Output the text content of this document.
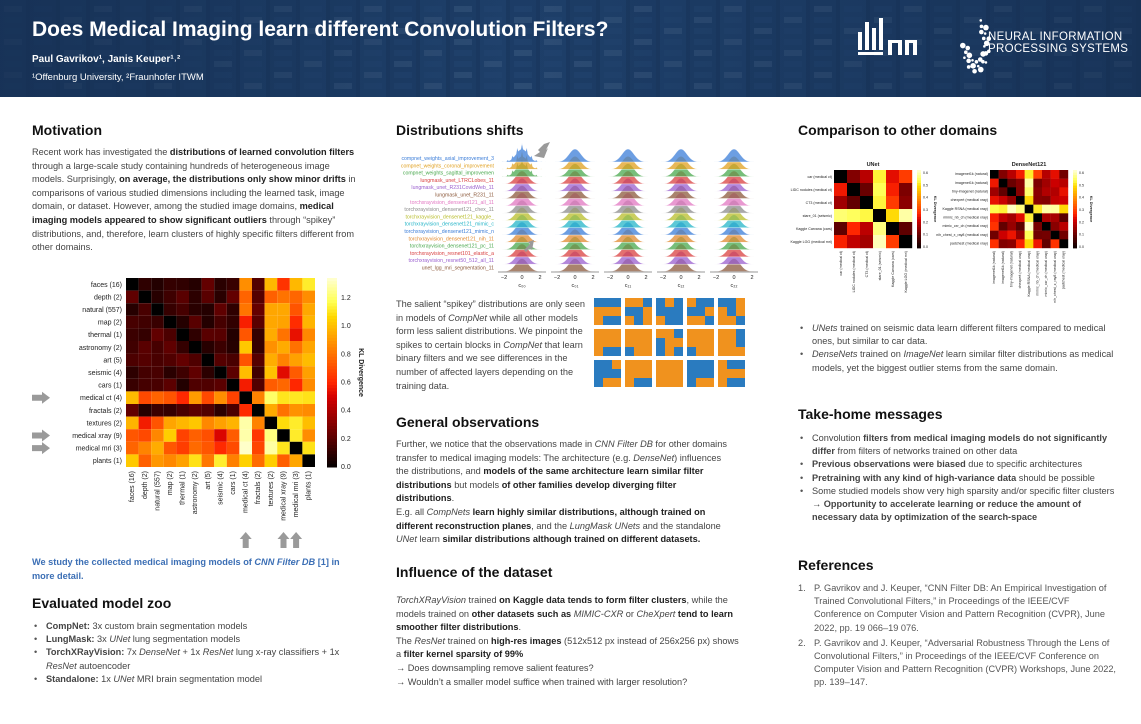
Does Medical Imaging learn different Convolution Filters?
Paul Gavrikov¹, Janis Keuper¹˒²
¹Offenburg University, ²Fraunhofer ITWM
NEURAL INFORMATION
PROCESSING SYSTEMS
Motivation
Recent work has investigated the distributions of learned convolution filters through a large-scale study containing hundreds of heterogeneous image models. Surprisingly, on average, the distributions only show minor drifts in comparisons of various studied dimensions including the learned task, image domain, or dataset. However, among the studied image domains, medical imaging models appeared to show significant outliers through “spikey” distributions, and, therefore, learn clusters of highly specific filters different from other domains.
faces (16)
faces (16)
depth (2)
depth (2)
natural (557)
natural (557)
map (2)
map (2)
thermal (1)
thermal (1)
astronomy (2)
astronomy (2)
art (5)
art (5)
seismic (4)
seismic (4)
cars (1)
cars (1)
medical ct (4)
medical ct (4)
fractals (2)
fractals (2)
textures (2)
textures (2)
medical xray (9)
medical xray (9)
medical mri (3)
medical mri (3)
plants (1)
plants (1)
1.2
1.0
0.8
0.6
0.4
0.2
0.0
KL Divergence
We study the collected medical imaging models of CNN Filter DB [1] in more detail.
Evaluated model zoo
• CompNet: 3x custom brain segmentation models
• LungMask: 3x UNet lung segmentation models
• TorchXRayVision: 7x DenseNet + 1x ResNet lung x-ray classifiers + 1x ResNet autoencoder
• Standalone: 1x UNet MRI brain segmentation model
Distributions shifts
compnet_weights_axial_improvement_3
compnet_weights_coronal_improvement
compnet_weights_sagittal_improvemen
lungmask_unet_LTRCLobes_11
lungmask_unet_R231CovidWeb_11
lungmask_unet_R231_11
torchxrayvision_densenet121_all_11
torchxrayvision_densenet121_chex_11
torchxrayvision_densenet121_kaggle_
torchxrayvision_densenet121_mimic_c
torchxrayvision_densenet121_mimic_n
torchxrayvision_densenet121_nih_11
torchxrayvision_densenet121_pc_11
torchxrayvision_resnet101_elastic_a
torchxrayvision_resnet50_512_all_11
unet_lgg_mri_segmentation_11
−2 0	2
c₀₀
−2 0	2
c₀₁
−2 0	2
c₁₁
−2 0	2
c₁₂
−2 0	2
c₂₂
The salient “spikey” distributions are only seen in models of CompNet while all other models form less salient distributions. We pinpoint the spikes to certain blocks in CompNet that learn binary filters and we see differences in the number of affected layers depending on the training data.
General observations
Further, we notice that the observations made in CNN Filter DB for other domains transfer to medical imaging models: The architecture (e.g. DenseNet) influences the distributions, and models of the same architecture learn similar filter distributions but models of other families develop diverging filter distributions.
E.g. all CompNets learn highly similar distributions, although trained on different reconstruction planes, and the LungMask UNets and the standalone UNet learn similar distributions although trained on different datasets.
Influence of the dataset
TorchXRayVision trained on Kaggle data tends to form filter clusters, while the models trained on other datasets such as MIMIC-CXR or CheXpert tend to learn smoother filter distributions.
The ResNet trained on high-res images (512x512 px instead of 256x256 px) shows a filter kernel sparsity of 99%
→ Does downsampling remove salient features?
→ Wouldn’t a smaller model suffice when trained with larger resolution?
Comparison to other domains
UNet
car (medical ct)
car (medical ct)
LIDC nodules (medical ct)
LIDC nodules (medical ct)
CT3 (medical ct)
CT3 (medical ct)
stare_01 (seismic)
stare_01 (seismic)
Kaggle Carvana (cars)
Kaggle Carvana (cars)
Kaggle LGG (medical mri)
Kaggle LGG (medical mri)
0.6
0.5
0.4
0.3
0.2
0.1
0.0
KL Divergence
DenseNet121
imagenet1k (natural)
imagenet1k (natural)
imagenet1k (natural)
imagenet1k (natural)
tiny-imagenet (natural)
tiny-imagenet (natural)
chexpert (medical xray)
chexpert (medical xray)
Kaggle RSNA (medical xray)
Kaggle RSNA (medical xray)
mimic_nb_ch (medical xray)
mimic_nb_ch (medical xray)
mimic_cxr_ch (medical xray)
mimic_cxr_ch (medical xray)
nih_chest_x_ray8 (medical xray)
nih_chest_x_ray8 (medical xray)
padchest (medical xray)
padchest (medical xray)
0.6
0.5
0.4
0.3
0.2
0.1
0.0
KL Divergence
• UNets trained on seismic data learn different filters compared to medical ones, but similar to car data.
• DenseNets trained on ImageNet learn similar filter distributions as medical models, yet the biggest outlier stems from the same domain.
Take-home messages
• Convolution filters from medical imaging models do not significantly differ from filters of networks trained on other data
• Previous observations were biased due to specific architectures
• Pretraining with any kind of high-variance data should be possible
• Some studied models show very high sparsity and/or specific filter clusters → Opportunity to accelerate learning or reduce the amount of necessary data by optimization of the search-space
References
1. P. Gavrikov and J. Keuper, “CNN Filter DB: An Empirical Investigation of Trained Convolutional Filters,” in Proceedings of the IEEE/CVF Conference on Computer Vision and Pattern Recognition (CVPR), June 2022, pp. 19 066–19 076.
2. P. Gavrikov and J. Keuper, “Adversarial Robustness Through the Lens of Convolutional Filters,” in Proceedings of the IEEE/CVF Conference on Computer Vision and Pattern Recognition (CVPR) Workshops, June 2022, pp. 139–147.
